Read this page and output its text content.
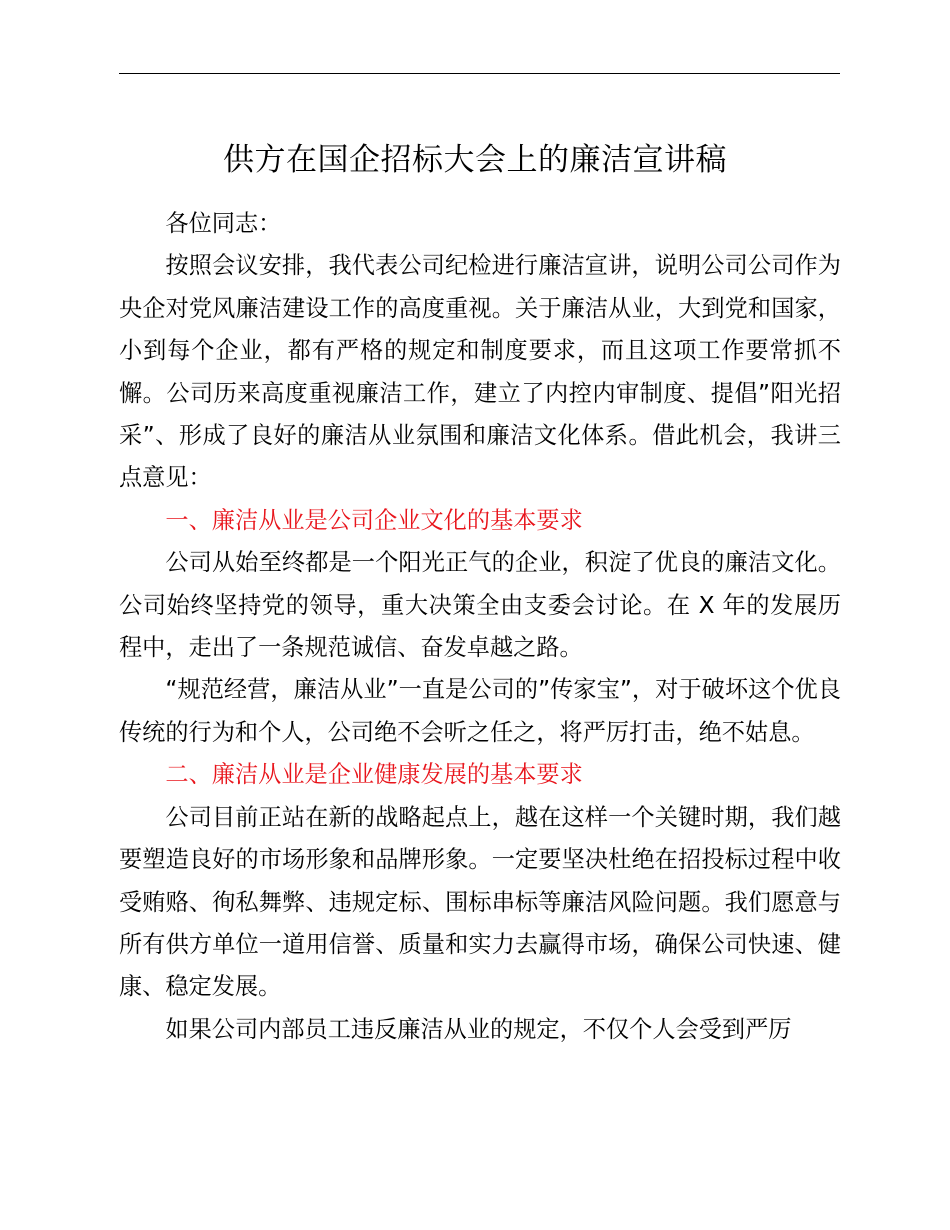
供方在国企招标大会上的廉洁宣讲稿

各位同志：

按照会议安排，我代表公司纪检进行廉洁宣讲，说明公司公司作为央企对党风廉洁建设工作的高度重视。关于廉洁从业，大到党和国家，小到每个企业，都有严格的规定和制度要求，而且这项工作要常抓不懈。公司历来高度重视廉洁工作，建立了内控内审制度、提倡”阳光招采”、形成了良好的廉洁从业氛围和廉洁文化体系。借此机会，我讲三点意见：

一、廉洁从业是公司企业文化的基本要求

公司从始至终都是一个阳光正气的企业，积淀了优良的廉洁文化。公司始终坚持党的领导，重大决策全由支委会讨论。在 X 年的发展历程中，走出了一条规范诚信、奋发卓越之路。

“规范经营，廉洁从业”一直是公司的”传家宝”，对于破坏这个优良传统的行为和个人，公司绝不会听之任之，将严厉打击，绝不姑息。

二、廉洁从业是企业健康发展的基本要求

公司目前正站在新的战略起点上，越在这样一个关键时期，我们越要塑造良好的市场形象和品牌形象。一定要坚决杜绝在招投标过程中收受贿赂、徇私舞弊、违规定标、围标串标等廉洁风险问题。我们愿意与所有供方单位一道用信誉、质量和实力去赢得市场，确保公司快速、健康、稳定发展。

如果公司内部员工违反廉洁从业的规定，不仅个人会受到严厉
